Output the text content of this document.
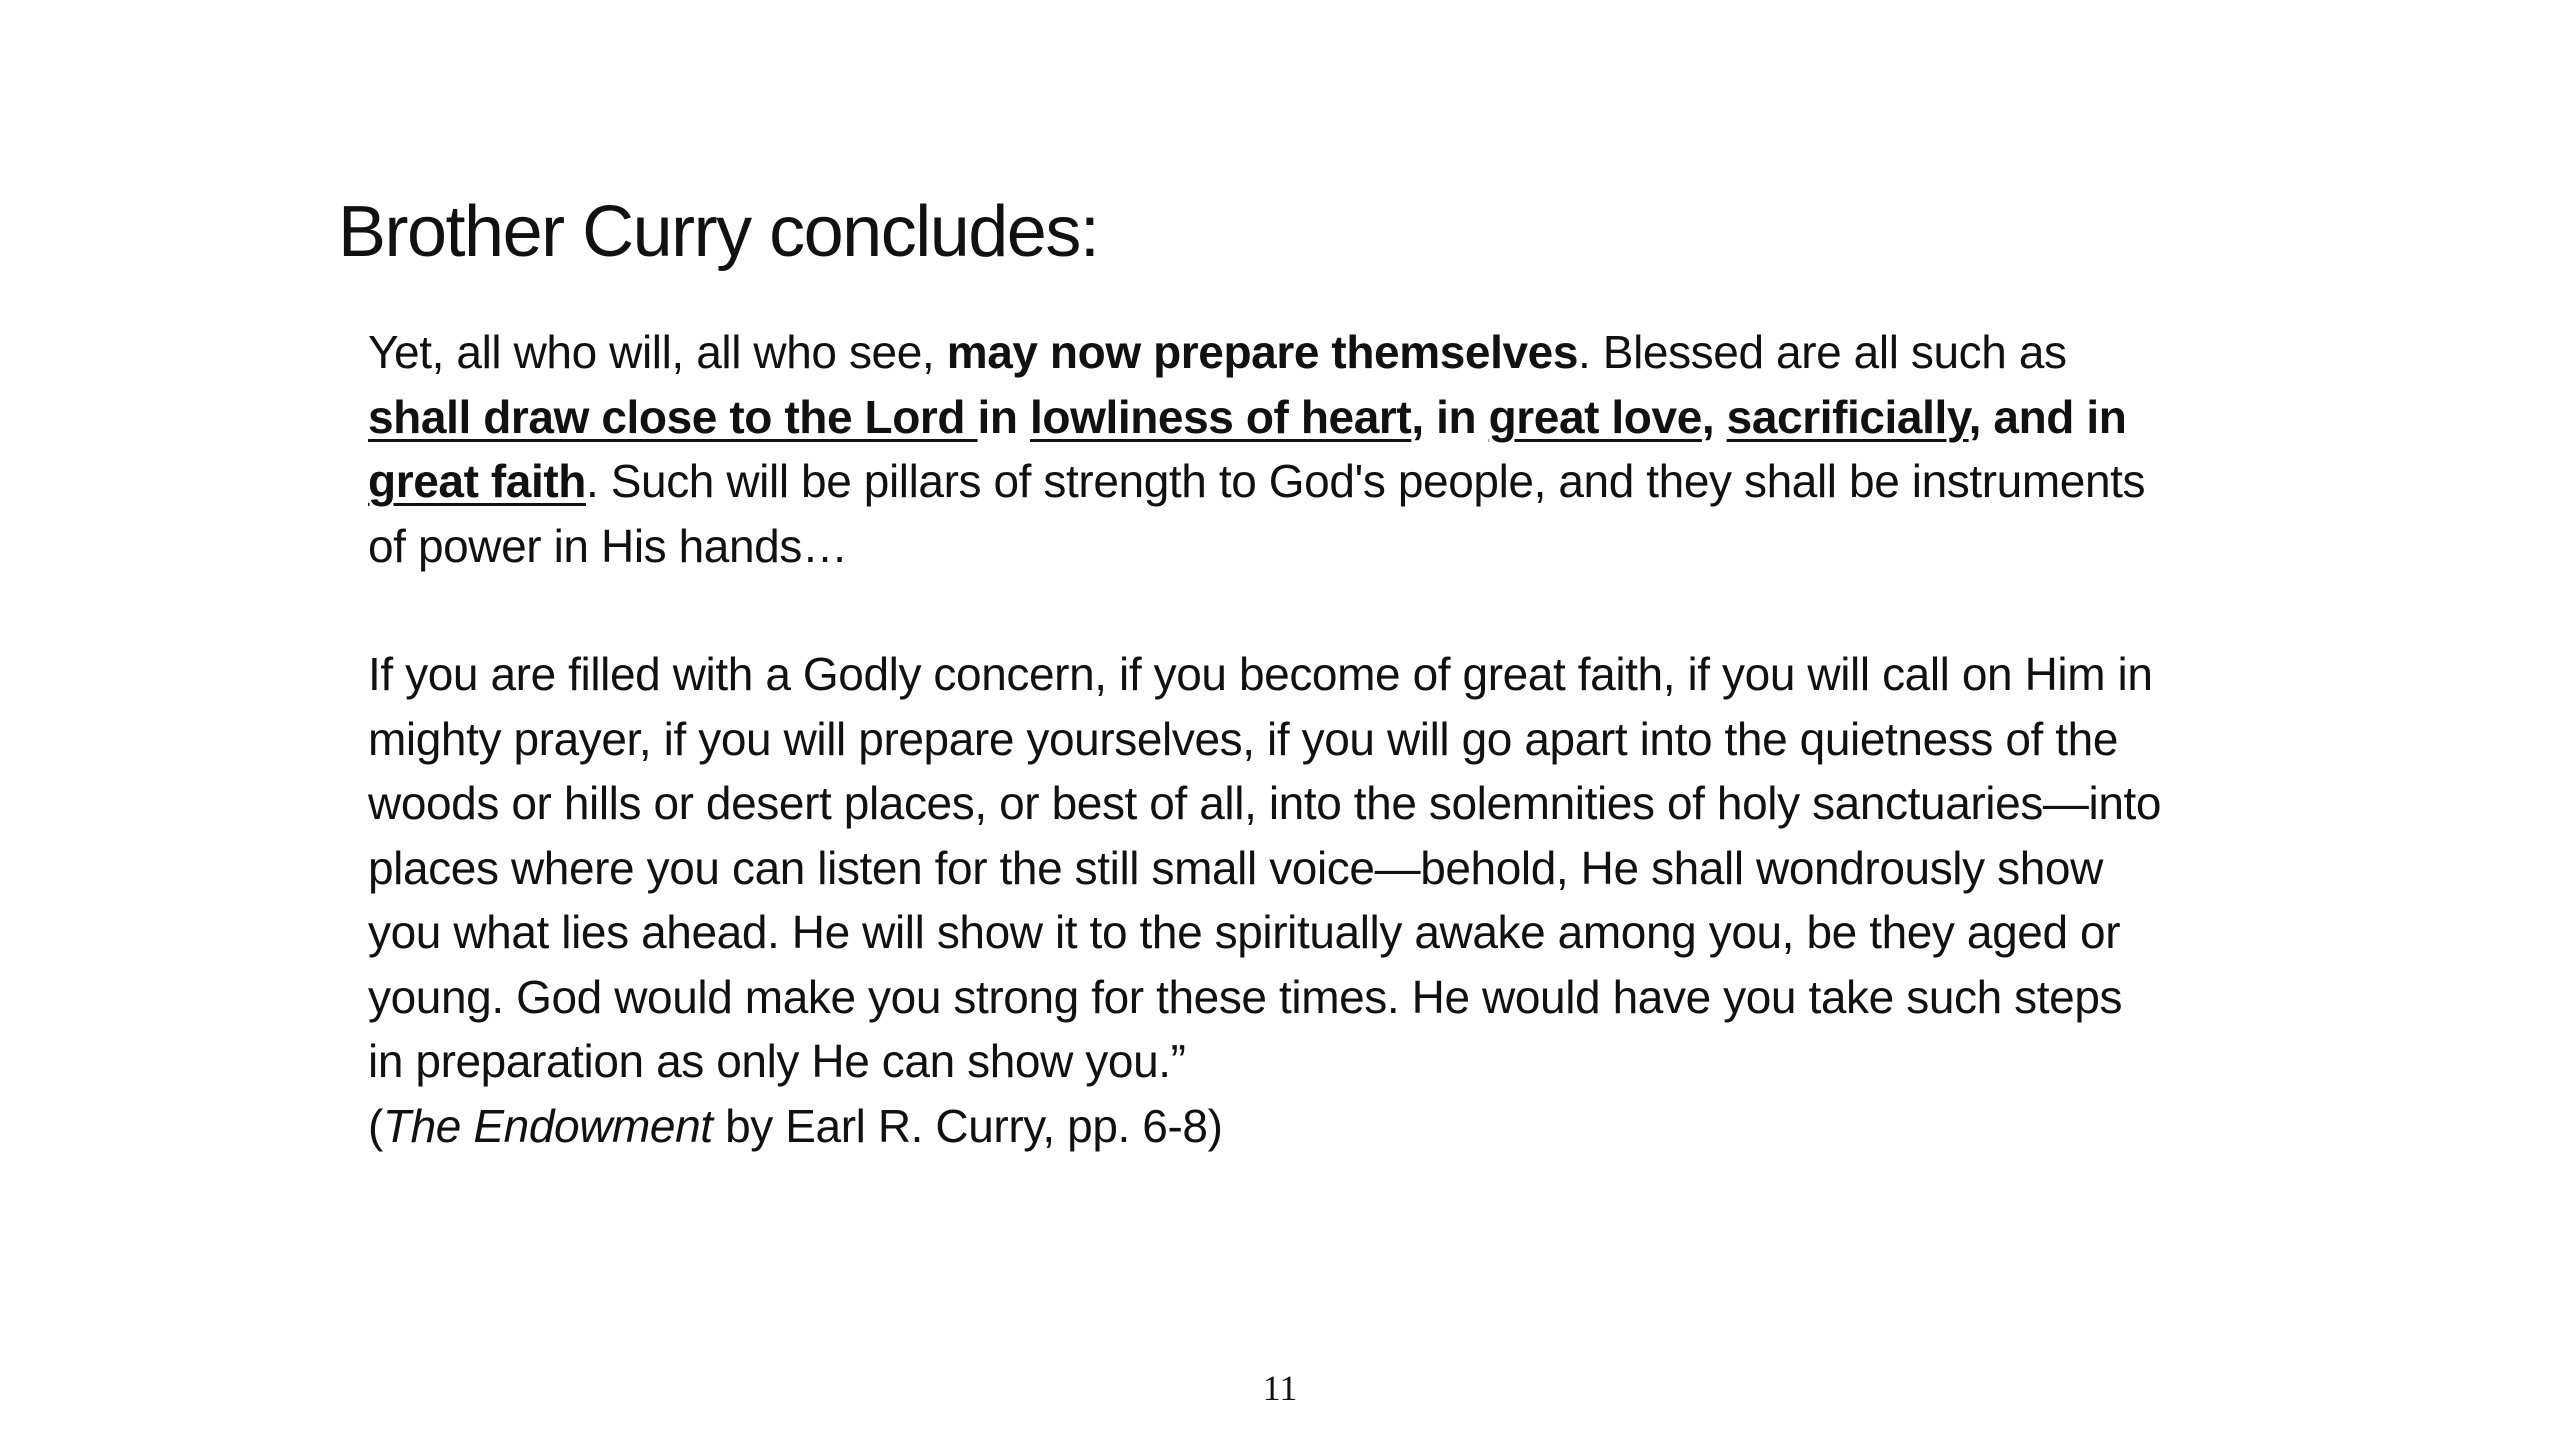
Brother Curry concludes:

Yet, all who will, all who see, may now prepare themselves. Blessed are all such as shall draw close to the Lord in lowliness of heart, in great love, sacrificially, and in great faith. Such will be pillars of strength to God's people, and they shall be instruments of power in His hands…

If you are filled with a Godly concern, if you become of great faith, if you will call on Him in mighty prayer, if you will prepare yourselves, if you will go apart into the quietness of the woods or hills or desert places, or best of all, into the solemnities of holy sanctuaries—into places where you can listen for the still small voice—behold, He shall wondrously show you what lies ahead. He will show it to the spiritually awake among you, be they aged or young. God would make you strong for these times. He would have you take such steps in preparation as only He can show you.”

(The Endowment by Earl R. Curry, pp. 6-8)

11
